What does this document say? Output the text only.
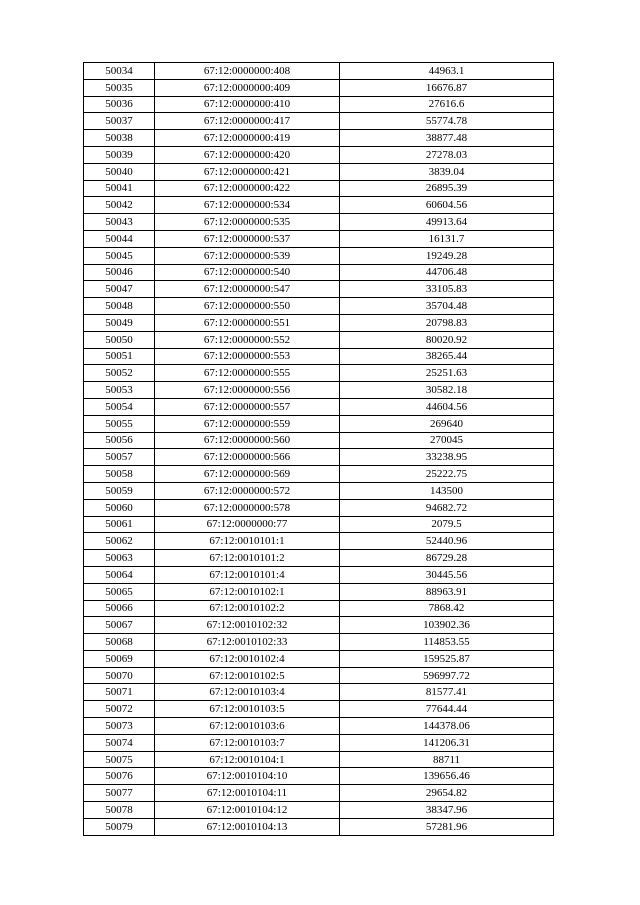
50034	67:12:0000000:408	44963.1
50035	67:12:0000000:409	16676.87
50036	67:12:0000000:410	27616.6
50037	67:12:0000000:417	55774.78
50038	67:12:0000000:419	38877.48
50039	67:12:0000000:420	27278.03
50040	67:12:0000000:421	3839.04
50041	67:12:0000000:422	26895.39
50042	67:12:0000000:534	60604.56
50043	67:12:0000000:535	49913.64
50044	67:12:0000000:537	16131.7
50045	67:12:0000000:539	19249.28
50046	67:12:0000000:540	44706.48
50047	67:12:0000000:547	33105.83
50048	67:12:0000000:550	35704.48
50049	67:12:0000000:551	20798.83
50050	67:12:0000000:552	80020.92
50051	67:12:0000000:553	38265.44
50052	67:12:0000000:555	25251.63
50053	67:12:0000000:556	30582.18
50054	67:12:0000000:557	44604.56
50055	67:12:0000000:559	269640
50056	67:12:0000000:560	270045
50057	67:12:0000000:566	33238.95
50058	67:12:0000000:569	25222.75
50059	67:12:0000000:572	143500
50060	67:12:0000000:578	94682.72
50061	67:12:0000000:77	2079.5
50062	67:12:0010101:1	52440.96
50063	67:12:0010101:2	86729.28
50064	67:12:0010101:4	30445.56
50065	67:12:0010102:1	88963.91
50066	67:12:0010102:2	7868.42
50067	67:12:0010102:32	103902.36
50068	67:12:0010102:33	114853.55
50069	67:12:0010102:4	159525.87
50070	67:12:0010102:5	596997.72
50071	67:12:0010103:4	81577.41
50072	67:12:0010103:5	77644.44
50073	67:12:0010103:6	144378.06
50074	67:12:0010103:7	141206.31
50075	67:12:0010104:1	88711
50076	67:12:0010104:10	139656.46
50077	67:12:0010104:11	29654.82
50078	67:12:0010104:12	38347.96
50079	67:12:0010104:13	57281.96
